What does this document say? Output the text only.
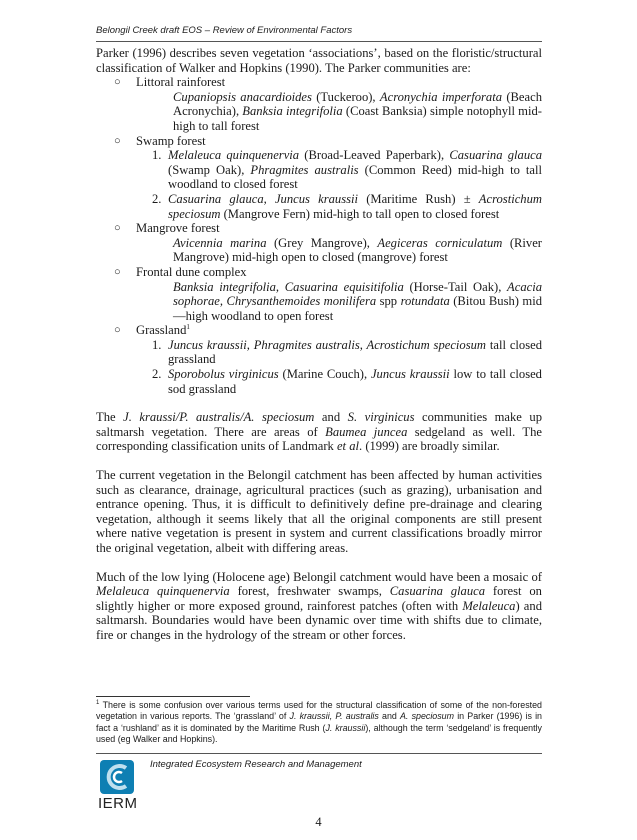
Belongil Creek draft EOS – Review of Environmental Factors

Parker (1996) describes seven vegetation ‘associations’, based on the floristic/structural classification of Walker and Hopkins (1990). The Parker communities are:

○ Littoral rainforest
Cupaniopsis anacardioides (Tuckeroo), Acronychia imperforata (Beach Acronychia), Banksia integrifolia (Coast Banksia) simple notophyll mid-high to tall forest
○ Swamp forest
1. Melaleuca quinquenervia (Broad-Leaved Paperbark), Casuarina glauca (Swamp Oak), Phragmites australis (Common Reed) mid-high to tall woodland to closed forest
2. Casuarina glauca, Juncus kraussii (Maritime Rush) ± Acrostichum speciosum (Mangrove Fern) mid-high to tall open to closed forest
○ Mangrove forest
Avicennia marina (Grey Mangrove), Aegiceras corniculatum (River Mangrove) mid-high open to closed (mangrove) forest
○ Frontal dune complex
Banksia integrifolia, Casuarina equisitifolia (Horse-Tail Oak), Acacia sophorae, Chrysanthemoides monilifera spp rotundata (Bitou Bush) mid—high woodland to open forest
○ Grassland$^1$
1. Juncus kraussii, Phragmites australis, Acrostichum speciosum tall closed grassland
2. Sporobolus virginicus (Marine Couch), Juncus kraussii low to tall closed sod grassland

The J. kraussi/P. australis/A. speciosum and S. virginicus communities make up saltmarsh vegetation. There are areas of Baumea juncea sedgeland as well. The corresponding classification units of Landmark et al. (1999) are broadly similar.

The current vegetation in the Belongil catchment has been affected by human activities such as clearance, drainage, agricultural practices (such as grazing), urbanisation and entrance opening. Thus, it is difficult to definitively define pre-drainage and clearing vegetation, although it seems likely that all the original components are still present where native vegetation is present in system and current classifications broadly mirror the original vegetation, albeit with differing areas.

Much of the low lying (Holocene age) Belongil catchment would have been a mosaic of Melaleuca quinquenervia forest, freshwater swamps, Casuarina glauca forest on slightly higher or more exposed ground, rainforest patches (often with Melaleuca) and saltmarsh. Boundaries would have been dynamic over time with shifts due to climate, fire or changes in the hydrology of the stream or other forces.

$^1$ There is some confusion over various terms used for the structural classification of some of the non-forested vegetation in various reports. The ‘grassland’ of J. kraussii, P. australis and A. speciosum in Parker (1996) is in fact a ‘rushland’ as it is dominated by the Maritime Rush (J. kraussii), although the term ‘sedgeland’ is frequently used (eg Walker and Hopkins).
IERM
Integrated Ecosystem Research and Management
4
